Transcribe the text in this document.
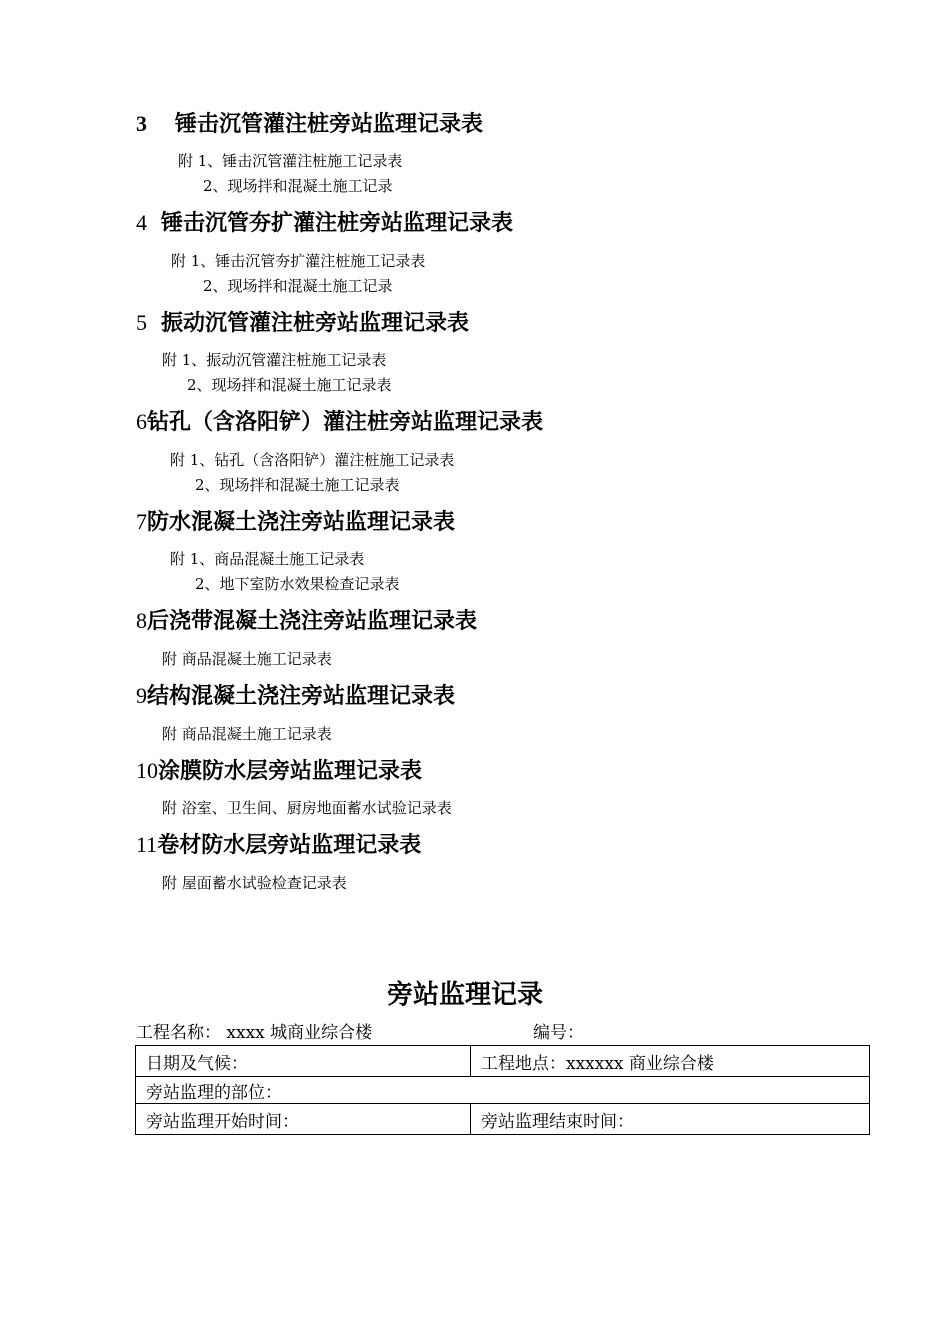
3 锤击沉管灌注桩旁站监理记录表
附 1、锤击沉管灌注桩施工记录表
2、现场拌和混凝土施工记录
4 锤击沉管夯扩灌注桩旁站监理记录表
附 1、锤击沉管夯扩灌注桩施工记录表
2、现场拌和混凝土施工记录
5 振动沉管灌注桩旁站监理记录表
附 1、振动沉管灌注桩施工记录表
2、现场拌和混凝土施工记录表
6钻孔（含洛阳铲）灌注桩旁站监理记录表
附 1、钻孔（含洛阳铲）灌注桩施工记录表
2、现场拌和混凝土施工记录表
7防水混凝土浇注旁站监理记录表
附 1、商品混凝土施工记录表
2、地下室防水效果检查记录表
8后浇带混凝土浇注旁站监理记录表
附 商品混凝土施工记录表
9结构混凝土浇注旁站监理记录表
附 商品混凝土施工记录表
10涂膜防水层旁站监理记录表
附 浴室、卫生间、厨房地面蓄水试验记录表
11卷材防水层旁站监理记录表
附 屋面蓄水试验检查记录表
旁站监理记录
工程名称： xxxx 城商业综合楼	编号：
日期及气候：	工程地点：xxxxxx 商业综合楼
旁站监理的部位：	
旁站监理开始时间：	旁站监理结束时间：
